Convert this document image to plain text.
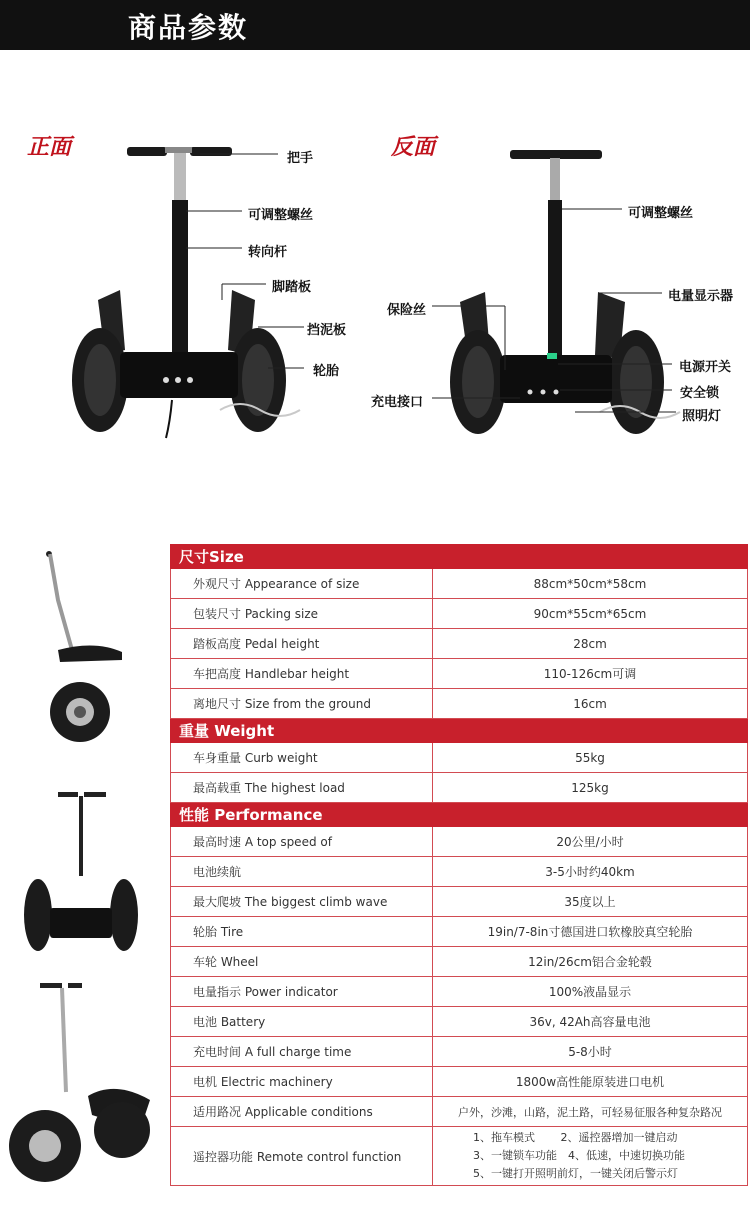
商品参数
正面	反面
把手
可调整螺丝
转向杆
脚踏板
挡泥板
轮胎
可调整螺丝
电量显示器
保险丝
电源开关
安全锁
充电接口
照明灯
尺寸Size	
外观尺寸 Appearance of size	88cm*50cm*58cm
包装尺寸 Packing size	90cm*55cm*65cm
踏板高度 Pedal height	28cm
车把高度 Handlebar height	110-126cm可调
离地尺寸 Size from the ground	16cm
重量 Weight	
车身重量 Curb weight	55kg
最高载重 The highest load	125kg
性能 Performance	
最高时速 A top speed of	20公里/小时
电池续航	3-5小时约40km
最大爬坡 The biggest climb wave	35度以上
轮胎 Tire	19in/7-8in寸德国进口软橡胶真空轮胎
车轮 Wheel	12in/26cm铝合金轮毂
电量指示 Power indicator	100%液晶显示
电池 Battery	36v, 42Ah高容量电池
充电时间 A full charge time	5-8小时
电机 Electric machinery	1800w高性能原装进口电机
适用路况 Applicable conditions	户外，沙滩，山路，泥土路，可轻易征服各种复杂路况
遥控器功能 Remote control function	1、拖车模式　　 2、遥控器增加一键启动
3、一键锁车功能　4、低速，中速切换功能
5、一键打开照明前灯，一键关闭后警示灯
